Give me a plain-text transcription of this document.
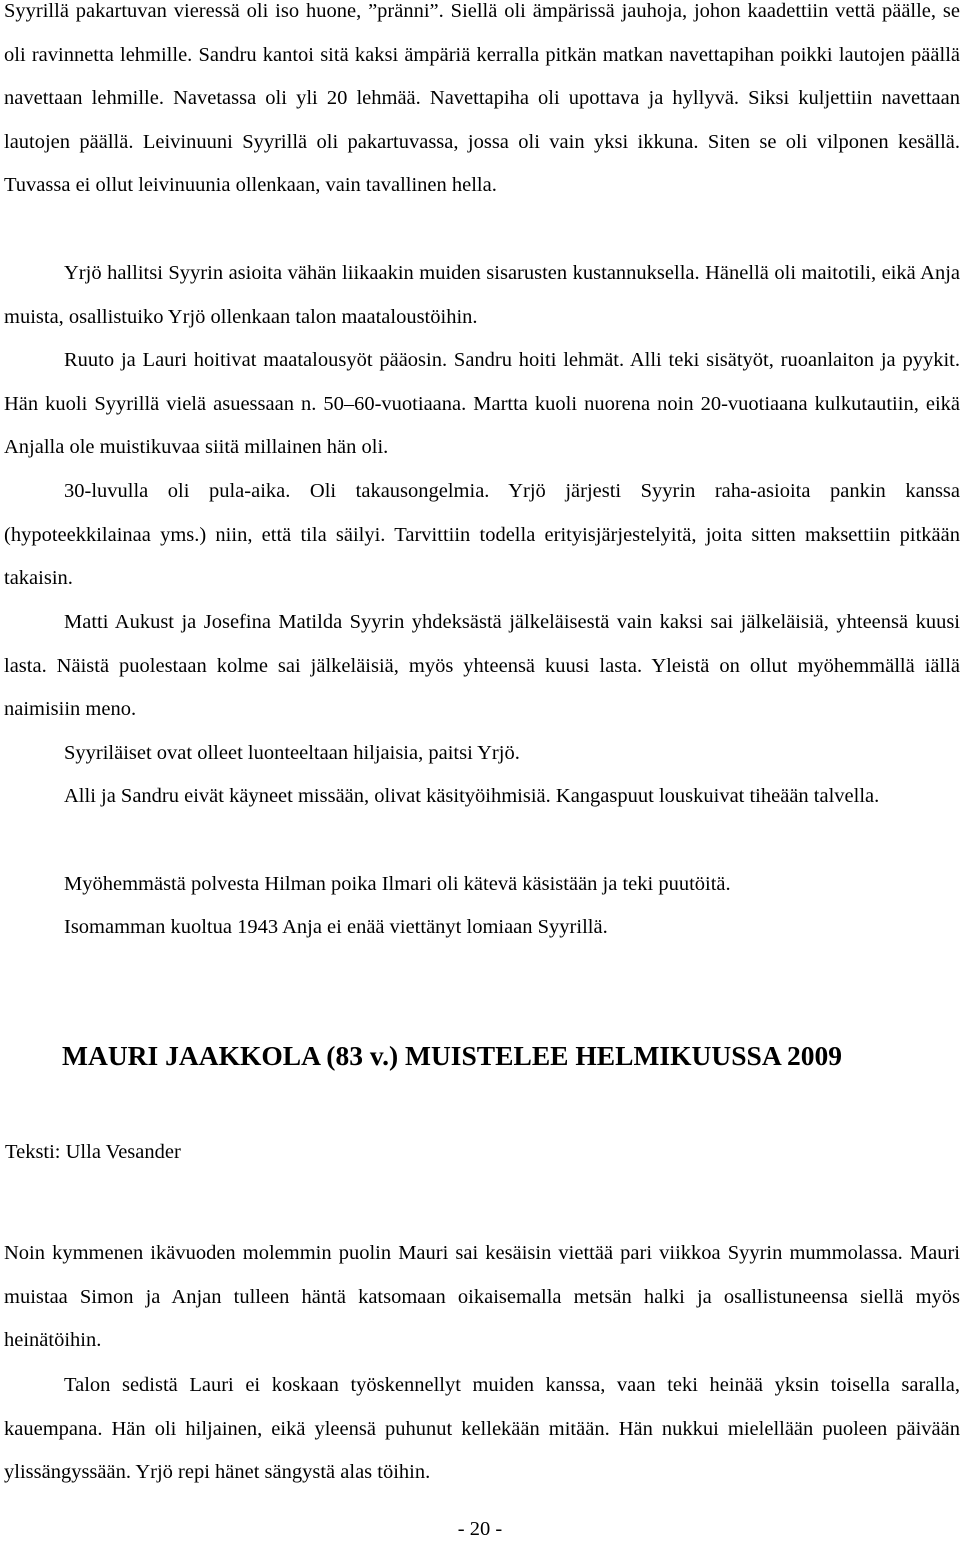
Syyrillä pakartuvan vieressä oli iso huone, ”pränni”. Siellä oli ämpärissä jauhoja, johon kaadettiin vettä päälle, se oli ravinnetta lehmille. Sandru kantoi sitä kaksi ämpäriä kerralla pitkän matkan navettapihan poikki lautojen päällä navettaan lehmille. Navetassa oli yli 20 lehmää. Navettapiha oli upottava ja hyllyvä. Siksi kuljettiin navettaan lautojen päällä. Leivinuuni Syyrillä oli pakartuvassa, jossa oli vain yksi ikkuna. Siten se oli vilponen kesällä. Tuvassa ei ollut leivinuunia ollenkaan, vain tavallinen hella.

Yrjö hallitsi Syyrin asioita vähän liikaakin muiden sisarusten kustannuksella. Hänellä oli maitotili, eikä Anja muista, osallistuiko Yrjö ollenkaan talon maataloustöihin.

Ruuto ja Lauri hoitivat maatalousyöt pääosin. Sandru hoiti lehmät. Alli teki sisätyöt, ruoanlaiton ja pyykit. Hän kuoli Syyrillä vielä asuessaan n. 50–60-vuotiaana. Martta kuoli nuorena noin 20-vuotiaana kulkutautiin, eikä Anjalla ole muistikuvaa siitä millainen hän oli.

30-luvulla oli pula-aika. Oli takausongelmia. Yrjö järjesti Syyrin raha-asioita pankin kanssa (hypoteekkilainaa yms.) niin, että tila säilyi. Tarvittiin todella erityisjärjestelyitä, joita sitten maksettiin pitkään takaisin.

Matti Aukust ja Josefina Matilda Syyrin yhdeksästä jälkeläisestä vain kaksi sai jälkeläisiä, yhteensä kuusi lasta. Näistä puolestaan kolme sai jälkeläisiä, myös yhteensä kuusi lasta. Yleistä on ollut myöhemmällä iällä naimisiin meno.

Syyriläiset ovat olleet luonteeltaan hiljaisia, paitsi Yrjö.

Alli ja Sandru eivät käyneet missään, olivat käsityöihmisiä. Kangaspuut louskuivat tiheään talvella.

Myöhemmästä polvesta Hilman poika Ilmari oli kätevä käsistään ja teki puutöitä.

Isomamman kuoltua 1943 Anja ei enää viettänyt lomiaan Syyrillä.

MAURI JAAKKOLA (83 v.) MUISTELEE HELMIKUUSSA 2009

Teksti: Ulla Vesander

Noin kymmenen ikävuoden molemmin puolin Mauri sai kesäisin viettää pari viikkoa Syyrin mummolassa. Mauri muistaa Simon ja Anjan tulleen häntä katsomaan oikaisemalla metsän halki ja osallistuneensa siellä myös heinätöihin.

Talon sedistä Lauri ei koskaan työskennellyt muiden kanssa, vaan teki heinää yksin toisella saralla, kauempana. Hän oli hiljainen, eikä yleensä puhunut kellekään mitään. Hän nukkui mielellään puoleen päivään ylissängyssään. Yrjö repi hänet sängystä alas töihin.

- 20 -
